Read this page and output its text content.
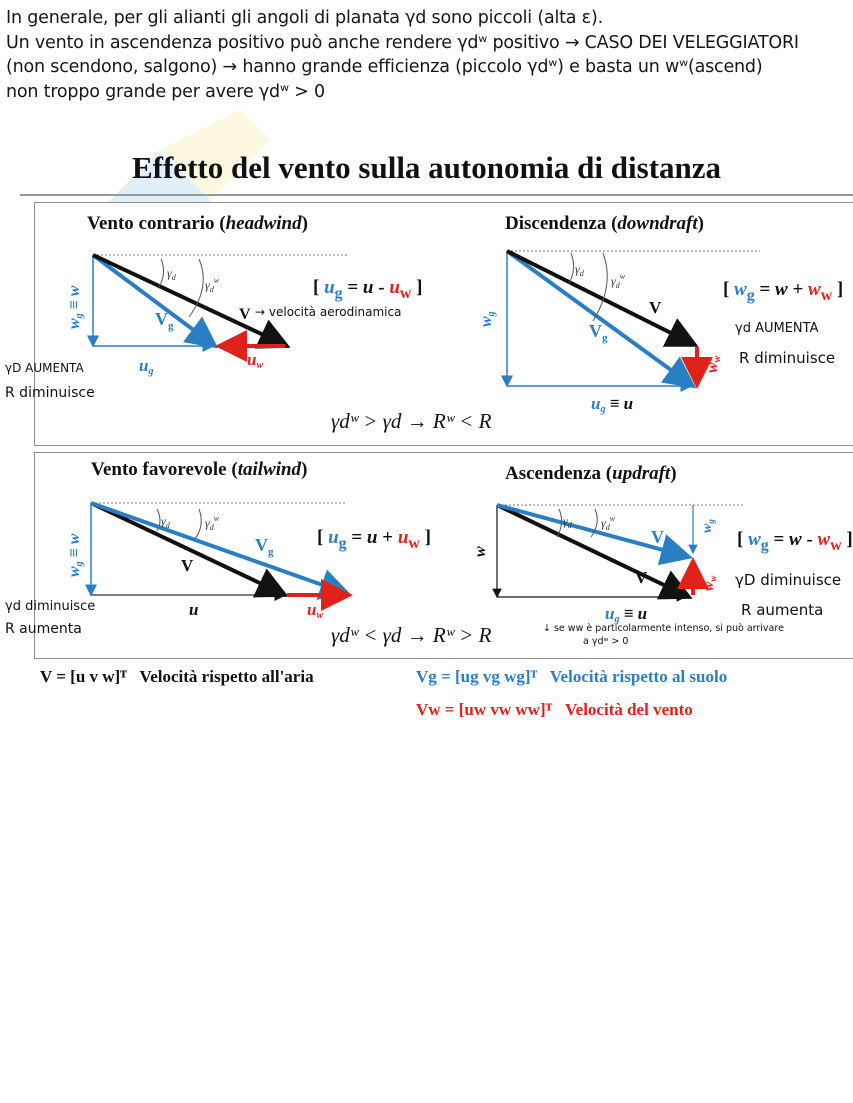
In generale, per gli alianti gli angoli di planata γd sono piccoli (alta ε).
Un vento in ascendenza positivo può anche rendere γdʷ positivo → CASO DEI VELEGGIATORI
(non scendono, salgono) → hanno grande efficienza (piccolo γdʷ) e basta un wʷ(ascend)
non troppo grande per avere γdʷ > 0
Effetto del vento sulla autonomia di distanza
Vento contrario (headwind)
$\gamma_d$
$\gamma_d^w$
wg ≡ w
$V_g$
ug
uw
V → velocità aerodinamica
γD AUMENTA
R diminuisce
[ $u_g = u - u_w$ ]
Discendenza (downdraft)
$\gamma_d$
$\gamma_d^w$
wg
$V_g$
V
ug ≡ u
ww
[ $w_g = w + w_w$ ]
γd AUMENTA
R diminuisce
γdʷ > γd → Rʷ < R
Vento favorevole (tailwind)
$\gamma_d$	$\gamma_d^w$
wg ≡ w	$V_g$
V
u	uw
[ $u_g = u + u_w$ ]
γd diminuisce
R aumenta
Ascendenza (updraft)
$\gamma_d$ $\gamma_d^w$
w
$V_g$
V
ug ≡ u
$w_g$
$w_w$
[ $w_g = w - w_w$ ]
γD diminuisce
R aumenta
↓ se ww è particolarmente intenso, si può arrivare
a γdʷ > 0
γdʷ < γd → Rʷ > R
V = [u v w]ᵀ Velocità rispetto all'aria	Vg = [ug vg wg]ᵀ Velocità rispetto al suolo
Vw = [uw vw ww]ᵀ Velocità del vento
